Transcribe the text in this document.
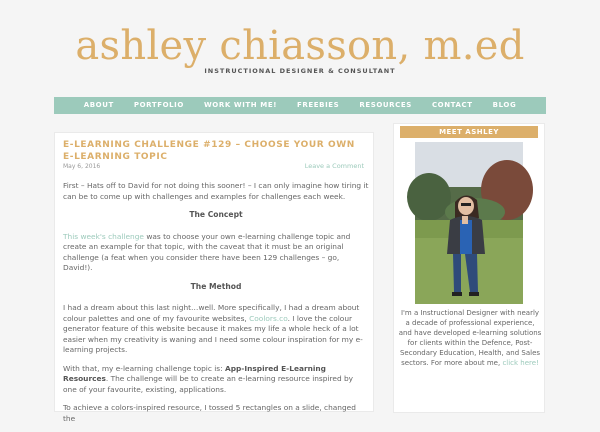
ashley chiasson, m.ed
INSTRUCTIONAL DESIGNER & CONSULTANT
ABOUT	PORTFOLIO	WORK WITH ME!	FREEBIES	RESOURCES	CONTACT	BLOG
E-LEARNING CHALLENGE #129 – CHOOSE YOUR OWN E-LEARNING TOPIC
May 6, 2016	Leave a Comment

First – Hats off to David for not doing this sooner! – I can only imagine how tiring it can be to come up with challenges and examples for challenges each week.

The Concept

This week's challenge was to choose your own e-learning challenge topic and create an example for that topic, with the caveat that it must be an original challenge (a feat when you consider there have been 129 challenges – go, David!).

The Method

I had a dream about this last night…well. More specifically, I had a dream about colour palettes and one of my favourite websites, Coolors.co. I love the colour generator feature of this website because it makes my life a whole heck of a lot easier when my creativity is waning and I need some colour inspiration for my e-learning projects.

With that, my e-learning challenge topic is: App-Inspired E-Learning Resources. The challenge will be to create an e-learning resource inspired by one of your favourite, existing, applications.

To achieve a colors-inspired resource, I tossed 5 rectangles on a slide, changed the

MEET ASHLEY
I'm a Instructional Designer with nearly a decade of professional experience, and have developed e-learning solutions for clients within the Defence, Post-Secondary Education, Health, and Sales sectors. For more about me, click here!
